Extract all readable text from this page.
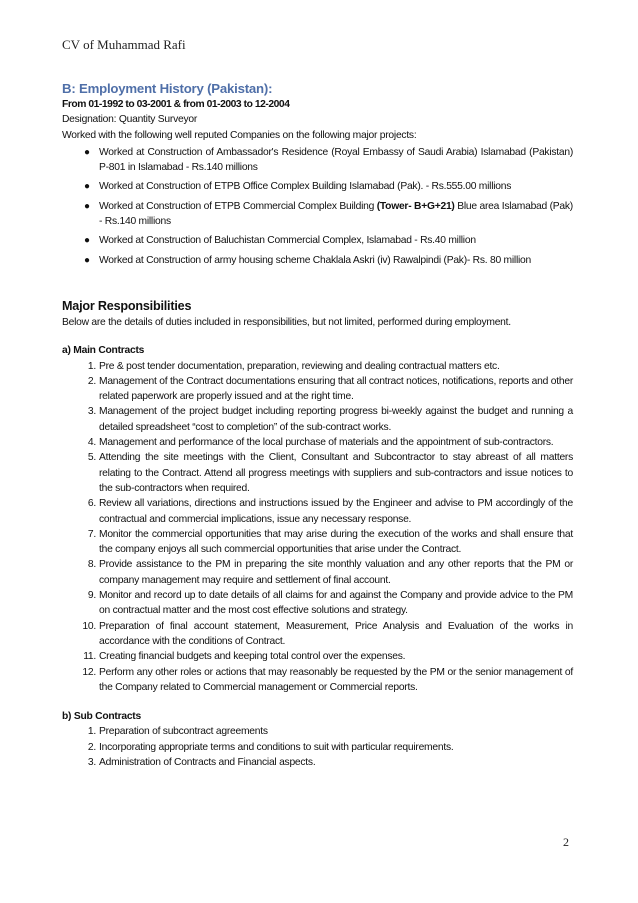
CV of Muhammad Rafi

B: Employment History (Pakistan):

From 01-1992 to 03-2001 & from 01-2003 to 12-2004

Designation: Quantity Surveyor

Worked with the following well reputed Companies on the following major projects:

● Worked at Construction of Ambassador's Residence (Royal Embassy of Saudi Arabia) Islamabad (Pakistan) P-801 in Islamabad - Rs.140 millions
● Worked at Construction of ETPB Office Complex Building Islamabad (Pak). - Rs.555.00 millions
● Worked at Construction of ETPB Commercial Complex Building (Tower- B+G+21) Blue area Islamabad (Pak) - Rs.140 millions
● Worked at Construction of Baluchistan Commercial Complex, Islamabad - Rs.40 million
● Worked at Construction of army housing scheme Chaklala Askri (iv) Rawalpindi (Pak)- Rs. 80 million

Major Responsibilities

Below are the details of duties included in responsibilities, but not limited, performed during employment.

a) Main Contracts

1. Pre & post tender documentation, preparation, reviewing and dealing contractual matters etc.
2. Management of the Contract documentations ensuring that all contract notices, notifications, reports and other related paperwork are properly issued and at the right time.
3. Management of the project budget including reporting progress bi-weekly against the budget and running a detailed spreadsheet “cost to completion” of the sub-contract works.
4. Management and performance of the local purchase of materials and the appointment of sub-contractors.
5. Attending the site meetings with the Client, Consultant and Subcontractor to stay abreast of all matters relating to the Contract. Attend all progress meetings with suppliers and sub-contractors and issue notices to the sub-contractors when required.
6. Review all variations, directions and instructions issued by the Engineer and advise to PM accordingly of the contractual and commercial implications, issue any necessary response.
7. Monitor the commercial opportunities that may arise during the execution of the works and shall ensure that the company enjoys all such commercial opportunities that arise under the Contract.
8. Provide assistance to the PM in preparing the site monthly valuation and any other reports that the PM or company management may require and settlement of final account.
9. Monitor and record up to date details of all claims for and against the Company and provide advice to the PM on contractual matter and the most cost effective solutions and strategy.
10. Preparation of final account statement, Measurement, Price Analysis and Evaluation of the works in accordance with the conditions of Contract.
11. Creating financial budgets and keeping total control over the expenses.
12. Perform any other roles or actions that may reasonably be requested by the PM or the senior management of the Company related to Commercial management or Commercial reports.

b) Sub Contracts

1. Preparation of subcontract agreements
2. Incorporating appropriate terms and conditions to suit with particular requirements.
3. Administration of Contracts and Financial aspects.
2
